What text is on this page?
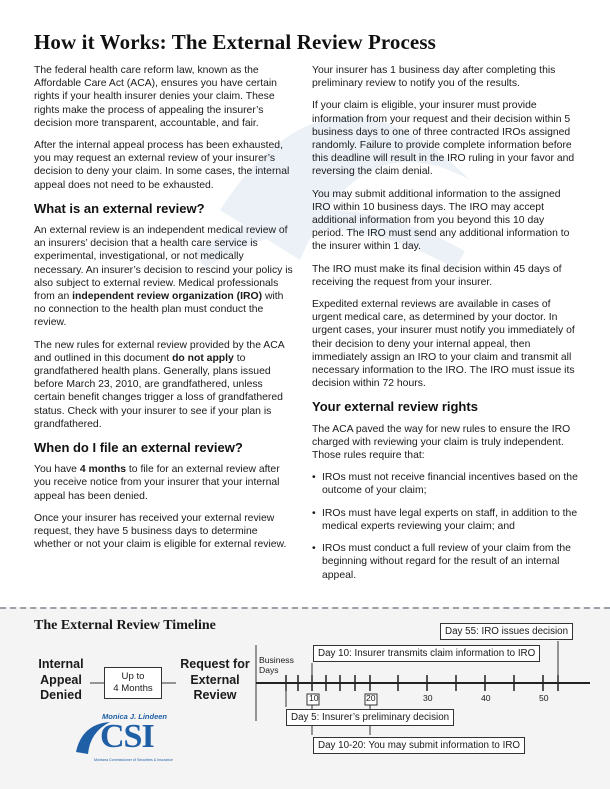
How it Works: The External Review Process

The federal health care reform law, known as the Affordable Care Act (ACA), ensures you have certain rights if your health insurer denies your claim. These rights make the process of appealing the insurer’s decision more transparent, accountable, and fair.

After the internal appeal process has been exhausted, you may request an external review of your insurer’s decision to deny your claim. In some cases, the internal appeal does not need to be exhausted.

What is an external review?

An external review is an independent medical review of an insurers’ decision that a health care service is experimental, investigational, or not medically necessary. An insurer’s decision to rescind your policy is also subject to external review. Medical professionals from an independent review organization (IRO) with no connection to the health plan must conduct the review.

The new rules for external review provided by the ACA and outlined in this document do not apply to grandfathered health plans. Generally, plans issued before March 23, 2010, are grandfathered, unless certain benefit changes trigger a loss of grandfathered status. Check with your insurer to see if your plan is grandfathered.

When do I file an external review?

You have 4 months to file for an external review after you receive notice from your insurer that your internal appeal has been denied.

Once your insurer has received your external review request, they have 5 business days to determine whether or not your claim is eligible for external review.

Your insurer has 1 business day after completing this preliminary review to notify you of the results.

If your claim is eligible, your insurer must provide information from your request and their decision within 5 business days to one of three contracted IROs assigned randomly. Failure to provide complete information before this deadline will result in the IRO ruling in your favor and reversing the claim denial.

You may submit additional information to the assigned IRO within 10 business days. The IRO may accept additional information from you beyond this 10 day period. The IRO must send any additional information to the insurer within 1 day.

The IRO must make its final decision within 45 days of receiving the request from your insurer.

Expedited external reviews are available in cases of urgent medical care, as determined by your doctor. In urgent cases, your insurer must notify you immediately of their decision to deny your internal appeal, then immediately assign an IRO to your claim and transmit all necessary information to the IRO. The IRO must issue its decision within 72 hours.

Your external review rights

The ACA paved the way for new rules to ensure the IRO charged with reviewing your claim is truly independent. Those rules require that:

• IROs must not receive financial incentives based on the outcome of your claim;
• IROs must have legal experts on staff, in addition to the medical experts reviewing your claim; and
• IROs must conduct a full review of your claim from the beginning without regard for the result of an internal appeal.
The External Review Timeline
Internal
Appeal
Denied
Up to
4 Months
Request for
External
Review
Business
Days
10	20	30	40	50
Day 55: IRO issues decision
Day 10: Insurer transmits claim information to IRO
Day 5: Insurer’s preliminary decision
Day 10-20: You may submit information to IRO
Monica J. Lindeen
CSI
Montana Commissioner of Securities & Insurance
